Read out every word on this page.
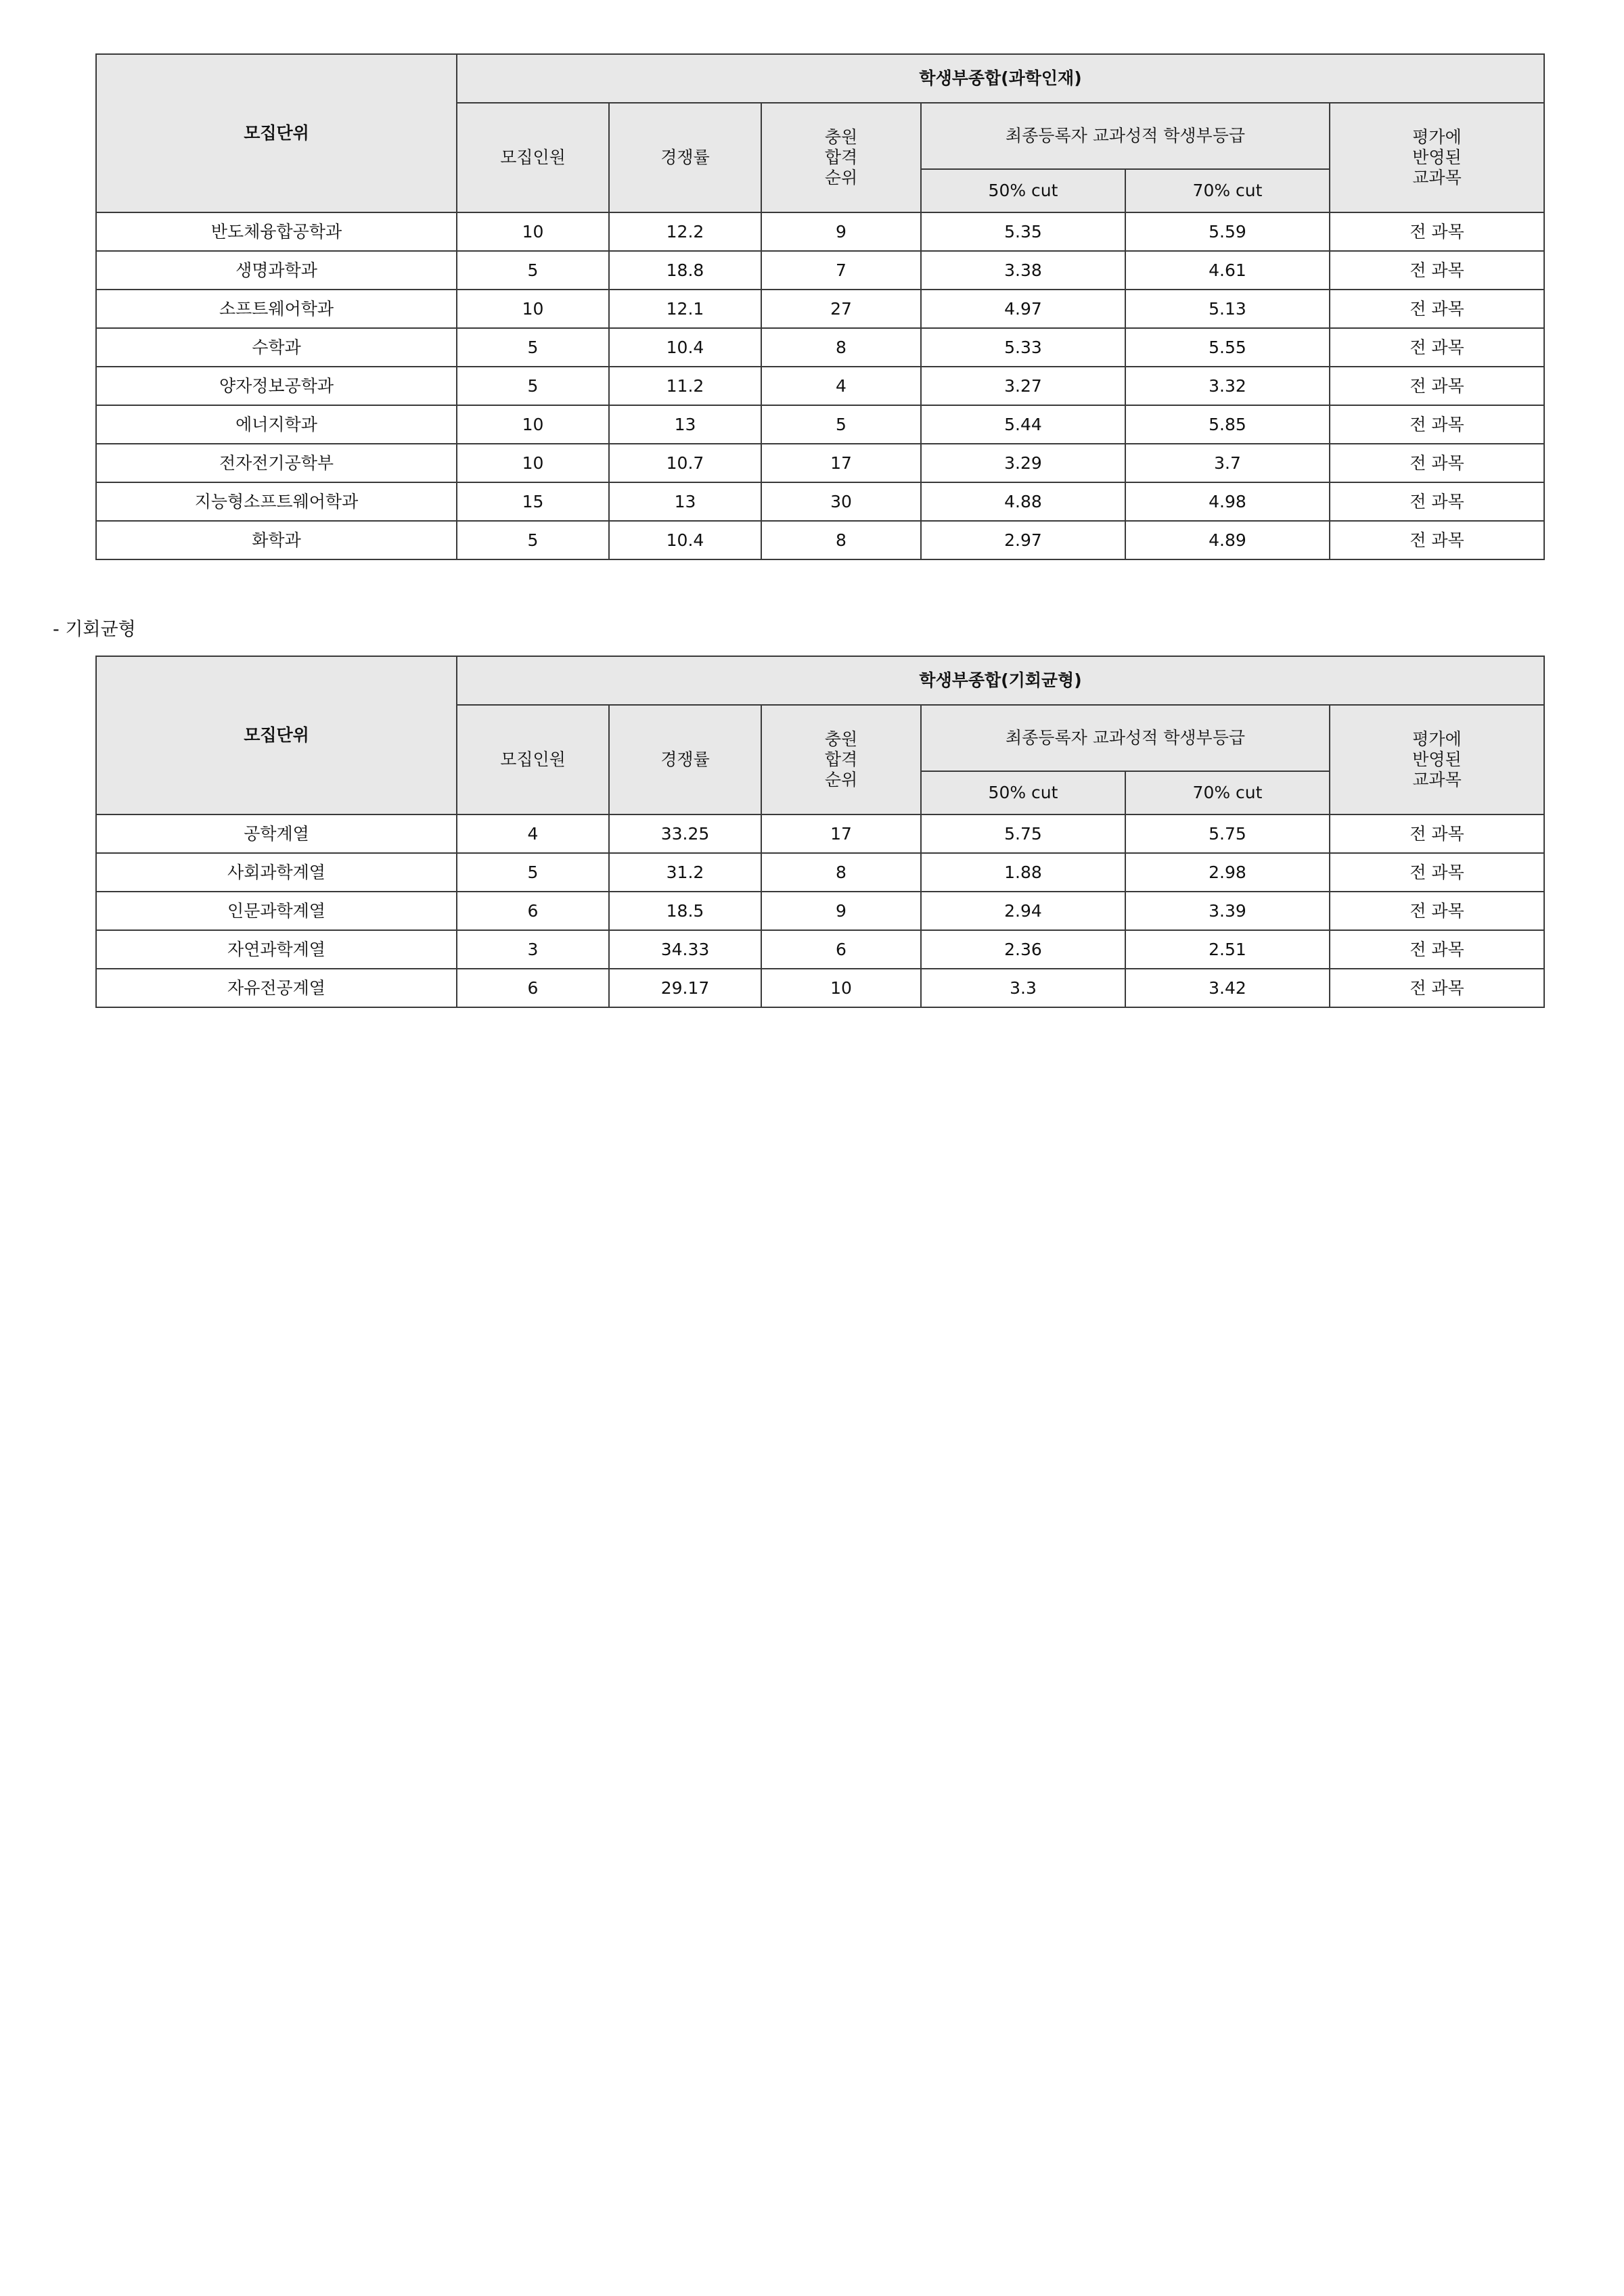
모집단위	학생부종합(과학인재)					
	모집인원	경쟁률	충원 합격 순위	최종등록자 교과성적 학생부등급		평가에 반영된 교과목
				50% cut	70% cut	
반도체융합공학과	10	12.2	9	5.35	5.59	전 과목
생명과학과	5	18.8	7	3.38	4.61	전 과목
소프트웨어학과	10	12.1	27	4.97	5.13	전 과목
수학과	5	10.4	8	5.33	5.55	전 과목
양자정보공학과	5	11.2	4	3.27	3.32	전 과목
에너지학과	10	13	5	5.44	5.85	전 과목
전자전기공학부	10	10.7	17	3.29	3.7	전 과목
지능형소프트웨어학과	15	13	30	4.88	4.98	전 과목
화학과	5	10.4	8	2.97	4.89	전 과목
- 기회균형
모집단위	학생부종합(기회균형)					
	모집인원	경쟁률	충원 합격 순위	최종등록자 교과성적 학생부등급		평가에 반영된 교과목
				50% cut	70% cut	
공학계열	4	33.25	17	5.75	5.75	전 과목
사회과학계열	5	31.2	8	1.88	2.98	전 과목
인문과학계열	6	18.5	9	2.94	3.39	전 과목
자연과학계열	3	34.33	6	2.36	2.51	전 과목
자유전공계열	6	29.17	10	3.3	3.42	전 과목
